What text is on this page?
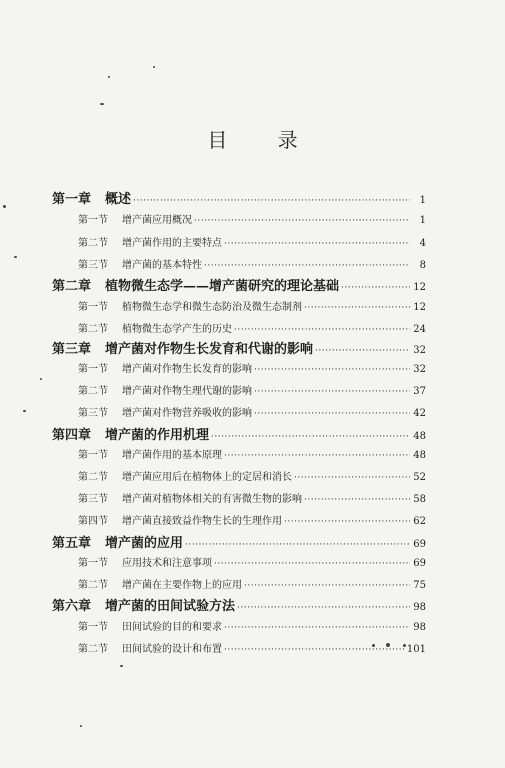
目 录
第一章 概述 ·····	1
第一节 增产菌应用概况 ·····	1
第二节 增产菌作用的主要特点 ·····	4
第三节 增产菌的基本特性 ·····	8
第二章 植物微生态学——增产菌研究的理论基础 ·····	12
第一节 植物微生态学和微生态防治及微生态制剂 ·····	12
第二节 植物微生态学产生的历史 ·····	24
第三章 增产菌对作物生长发育和代谢的影响 ·····	32
第一节 增产菌对作物生长发育的影响 ·····	32
第二节 增产菌对作物生理代谢的影响 ·····	37
第三节 增产菌对作物营养吸收的影响 ·····	42
第四章 增产菌的作用机理 ·····	48
第一节 增产菌作用的基本原理 ·····	48
第二节 增产菌应用后在植物体上的定居和消长 ·····	52
第三节 增产菌对植物体相关的有害微生物的影响 ·····	58
第四节 增产菌直接致益作物生长的生理作用 ·····	62
第五章 增产菌的应用 ·····	69
第一节 应用技术和注意事项 ·····	69
第二节 增产菌在主要作物上的应用 ·····	75
第六章 增产菌的田间试验方法 ·····	98
第一节 田间试验的目的和要求 ·····	98
第二节 田间试验的设计和布置 ·····	101
